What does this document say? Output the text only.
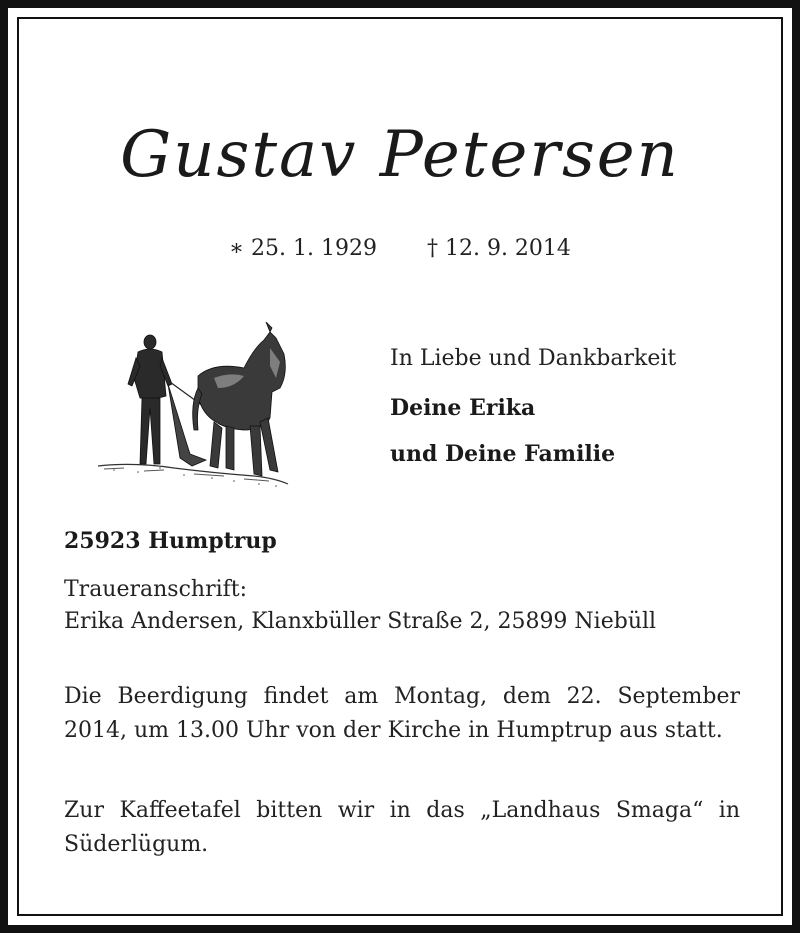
Gustav Petersen
∗ 25. 1. 1929 † 12. 9. 2014

In Liebe und Dankbarkeit

Deine Erika

und Deine Familie

25923 Humptrup

Traueranschrift:
Erika Andersen, Klanxbüller Straße 2, 25899 Niebüll

Die Beerdigung findet am Montag, dem 22. September 2014, um 13.00 Uhr von der Kirche in Humptrup aus statt.

Zur Kaffeetafel bitten wir in das „Landhaus Smaga“ in Süderlügum.
